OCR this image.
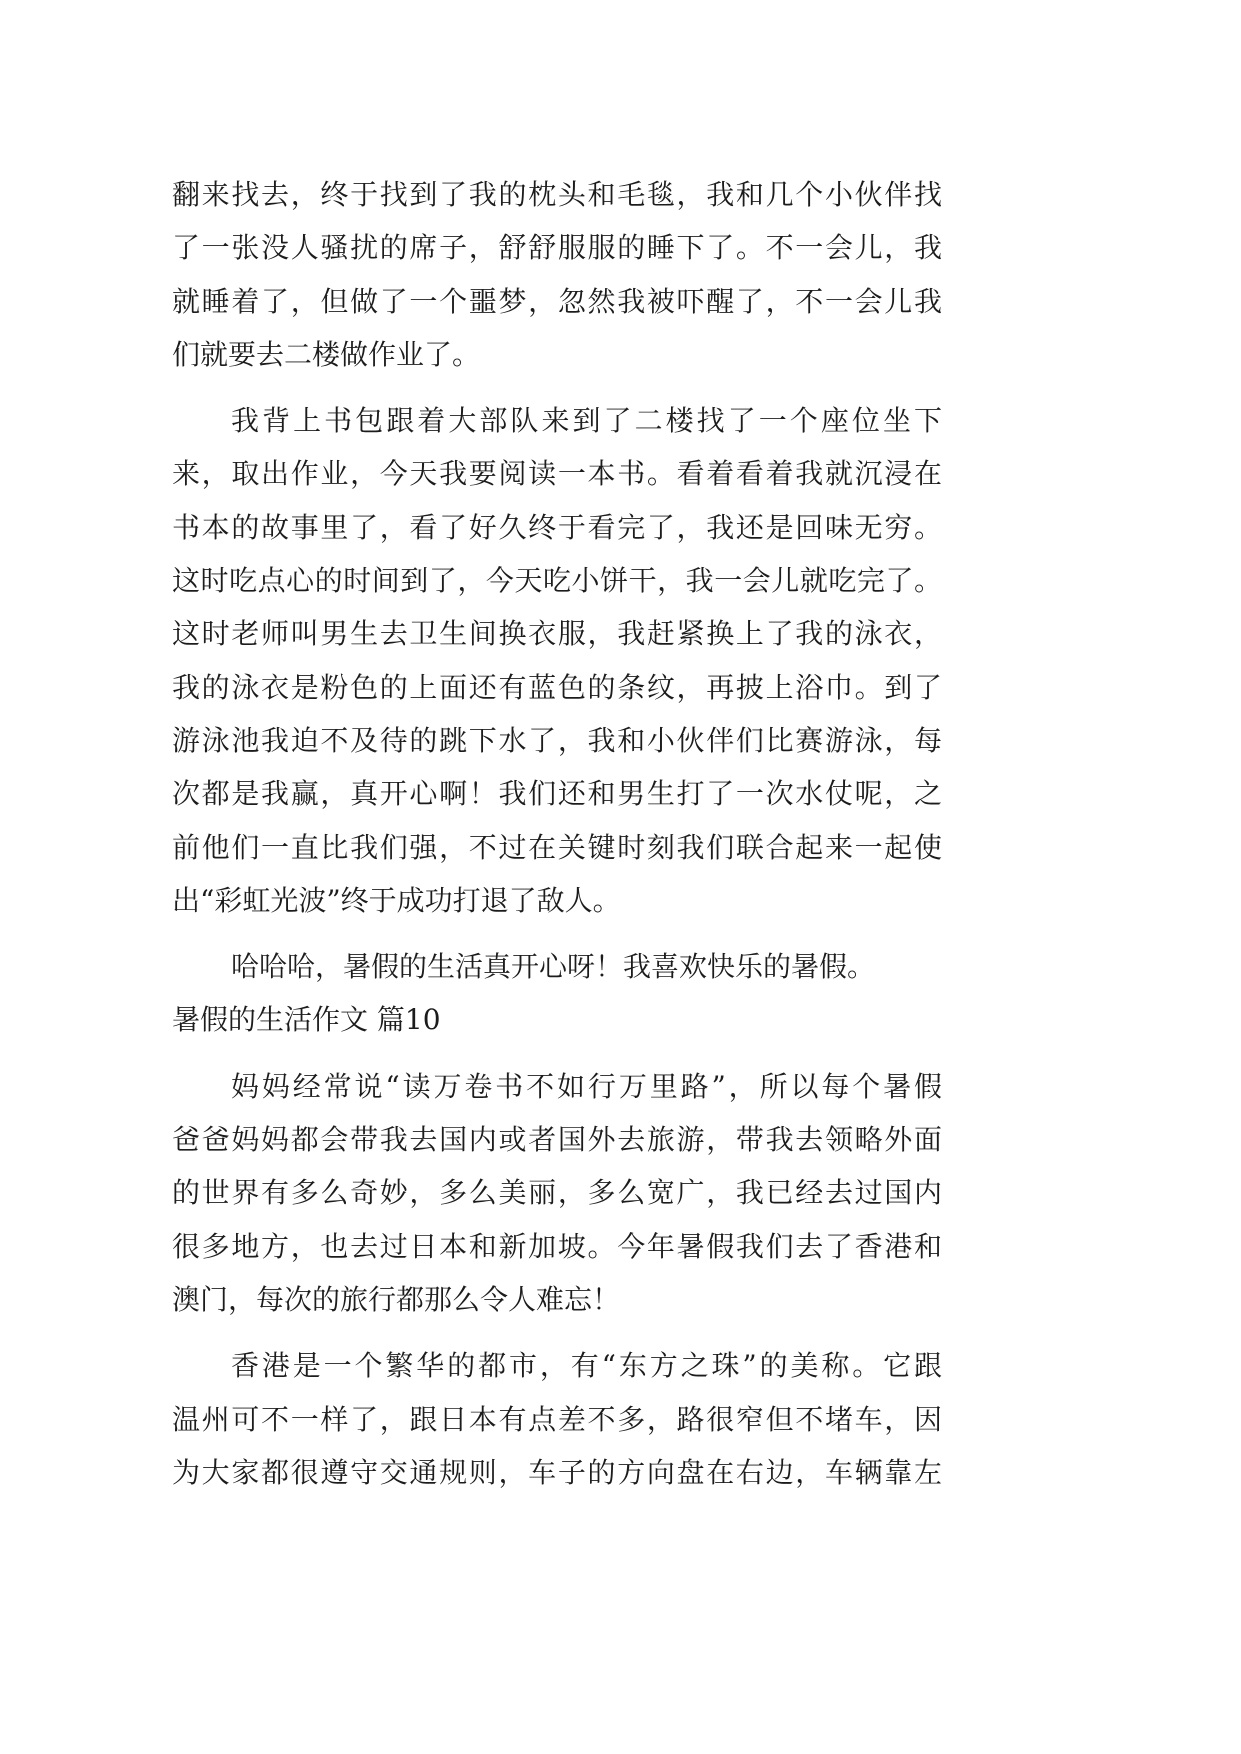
翻来找去，终于找到了我的枕头和毛毯，我和几个小伙伴找
了一张没人骚扰的席子，舒舒服服的睡下了。不一会儿，我
就睡着了，但做了一个噩梦，忽然我被吓醒了，不一会儿我
们就要去二楼做作业了。
我背上书包跟着大部队来到了二楼找了一个座位坐下
来，取出作业，今天我要阅读一本书。看着看着我就沉浸在
书本的故事里了，看了好久终于看完了，我还是回味无穷。
这时吃点心的时间到了，今天吃小饼干，我一会儿就吃完了。
这时老师叫男生去卫生间换衣服，我赶紧换上了我的泳衣，
我的泳衣是粉色的上面还有蓝色的条纹，再披上浴巾。到了
游泳池我迫不及待的跳下水了，我和小伙伴们比赛游泳，每
次都是我赢，真开心啊！我们还和男生打了一次水仗呢，之
前他们一直比我们强，不过在关键时刻我们联合起来一起使
出“彩虹光波”终于成功打退了敌人。
哈哈哈，暑假的生活真开心呀！我喜欢快乐的暑假。
暑假的生活作文 篇10
妈妈经常说“读万卷书不如行万里路”，所以每个暑假
爸爸妈妈都会带我去国内或者国外去旅游，带我去领略外面
的世界有多么奇妙，多么美丽，多么宽广，我已经去过国内
很多地方，也去过日本和新加坡。今年暑假我们去了香港和
澳门，每次的旅行都那么令人难忘！
香港是一个繁华的都市，有“东方之珠”的美称。它跟
温州可不一样了，跟日本有点差不多，路很窄但不堵车，因
为大家都很遵守交通规则，车子的方向盘在右边，车辆靠左
